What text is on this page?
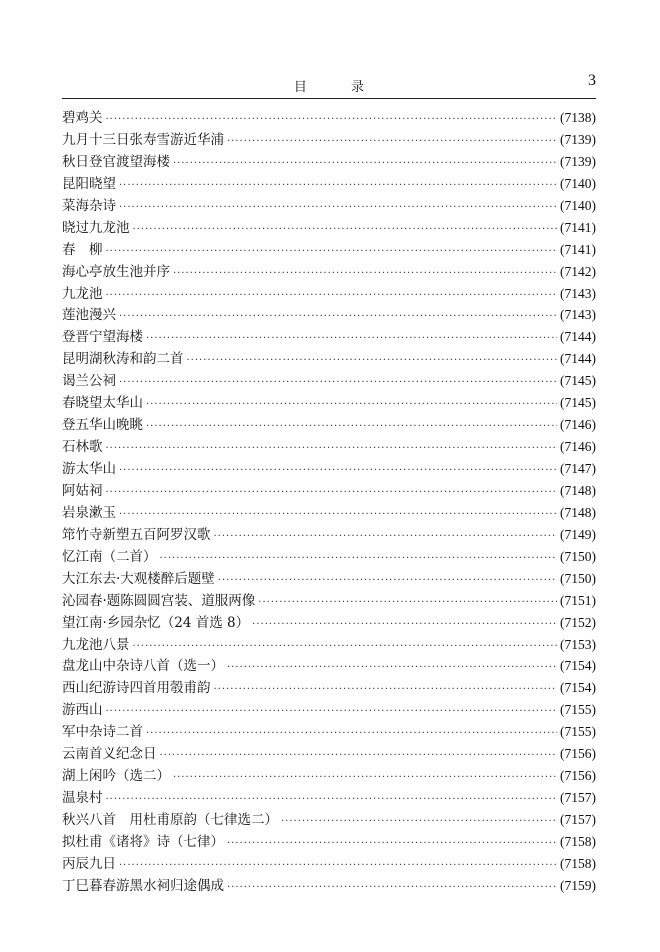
目 录	3
碧鸡关 ·····	(7138)
九月十三日张寿雪游近华浦 ·····	(7139)
秋日登官渡望海楼 ·····	(7139)
昆阳晓望 ·····	(7140)
菜海杂诗 ·····	(7140)
晓过九龙池 ·····	(7141)
春　柳 ·····	(7141)
海心亭放生池并序 ·····	(7142)
九龙池 ·····	(7143)
莲池漫兴 ·····	(7143)
登晋宁望海楼 ·····	(7144)
昆明湖秋涛和韵二首 ·····	(7144)
谒兰公祠 ·····	(7145)
春晓望太华山 ·····	(7145)
登五华山晚眺 ·····	(7146)
石林歌 ·····	(7146)
游太华山 ·····	(7147)
阿姑祠 ·····	(7148)
岩泉漱玉 ·····	(7148)
筇竹寺新塑五百阿罗汉歌 ·····	(7149)
忆江南（二首） ·····	(7150)
大江东去·大观楼醉后题壁 ·····	(7150)
沁园春·题陈圆圆宫装、道服两像 ·····	(7151)
望江南·乡园杂忆（24 首选 8） ·····	(7152)
九龙池八景 ·····	(7153)
盘龙山中杂诗八首（选一） ·····	(7154)
西山纪游诗四首用彀甫韵 ·····	(7154)
游西山 ·····	(7155)
军中杂诗二首 ·····	(7155)
云南首义纪念日 ·····	(7156)
湖上闲吟（选二） ·····	(7156)
温泉村 ·····	(7157)
秋兴八首　用杜甫原韵（七律选二） ·····	(7157)
拟杜甫《诸将》诗（七律） ·····	(7158)
丙辰九日 ·····	(7158)
丁巳暮春游黑水祠归途偶成 ·····	(7159)
